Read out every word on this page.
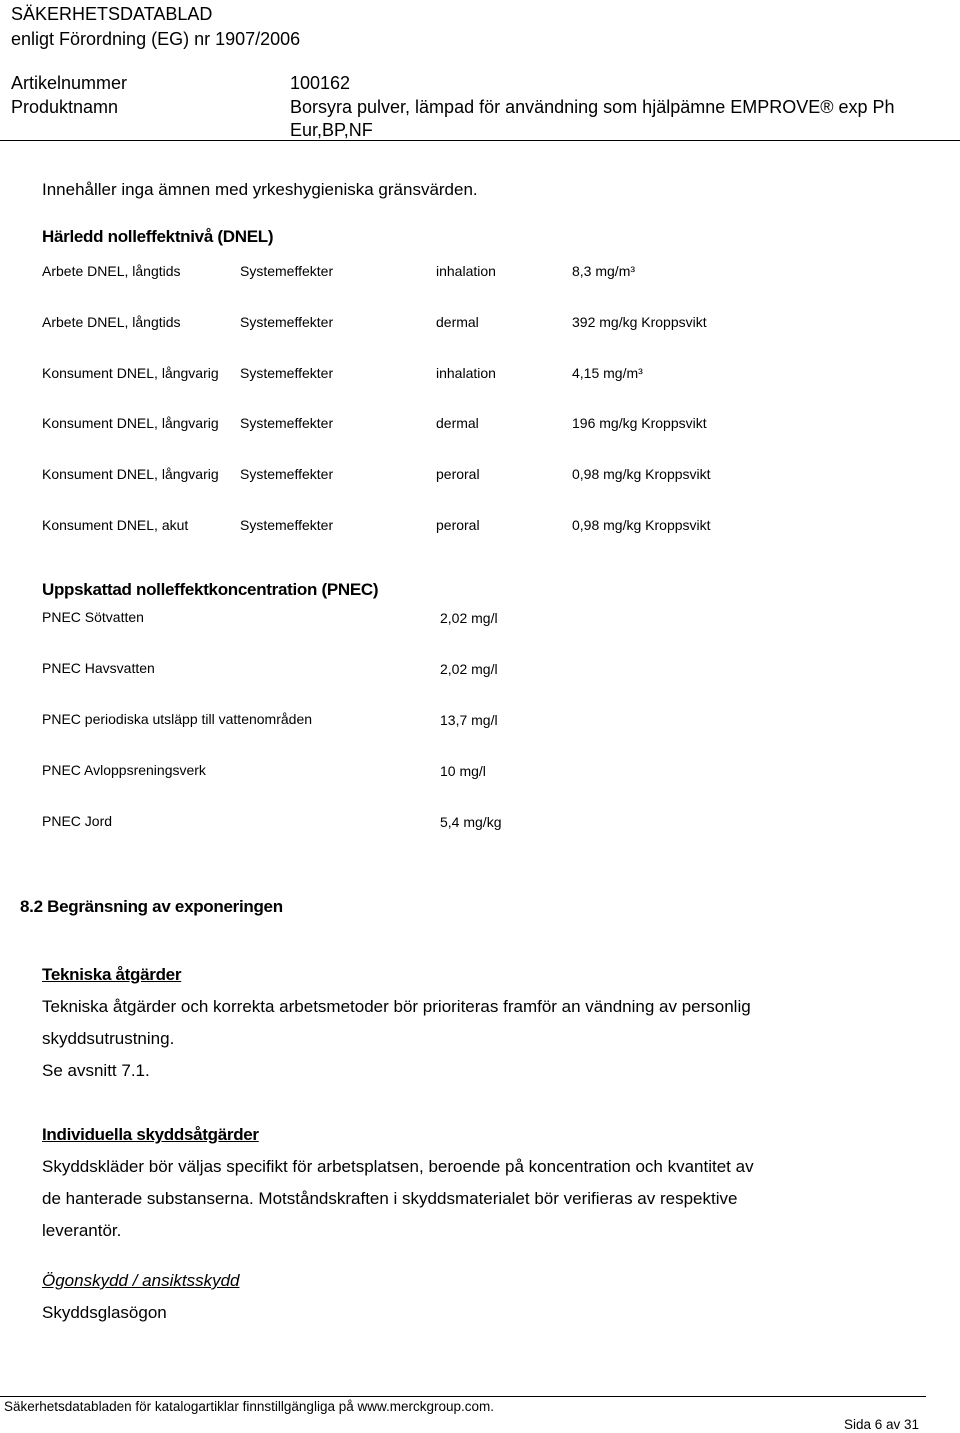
SÄKERHETSDATABLAD
enligt Förordning (EG) nr 1907/2006
Artikelnummer	100162
Produktnamn	Borsyra pulver, lämpad för användning som hjälpämne EMPROVE® exp Ph
Eur,BP,NF
Innehåller inga ämnen med yrkeshygieniska gränsvärden.
Härledd nolleffektnivå (DNEL)
Arbete DNEL, långtids	Systemeffekter	inhalation	8,3 mg/m³
Arbete DNEL, långtids	Systemeffekter	dermal	392 mg/kg Kroppsvikt
Konsument DNEL, långvarig Systemeffekter	inhalation	4,15 mg/m³
Konsument DNEL, långvarig Systemeffekter	dermal	196 mg/kg Kroppsvikt
Konsument DNEL, långvarig Systemeffekter	peroral	0,98 mg/kg Kroppsvikt
Konsument DNEL, akut	Systemeffekter	peroral	0,98 mg/kg Kroppsvikt
Uppskattad nolleffektkoncentration (PNEC)
PNEC Sötvatten	2,02 mg/l
PNEC Havsvatten	2,02 mg/l
PNEC periodiska utsläpp till vattenområden	13,7 mg/l
PNEC Avloppsreningsverk	10 mg/l
PNEC Jord	5,4 mg/kg
8.2 Begränsning av exponeringen
Tekniska åtgärder
Tekniska åtgärder och korrekta arbetsmetoder bör prioriteras framför an vändning av personlig
skyddsutrustning.
Se avsnitt 7.1.
Individuella skyddsåtgärder
Skyddskläder bör väljas specifikt för arbetsplatsen, beroende på koncentration och kvantitet av
de hanterade substanserna. Motståndskraften i skyddsmaterialet bör verifieras av respektive
leverantör.
Ögonskydd / ansiktsskydd
Skyddsglasögon
Säkerhetsdatabladen för katalogartiklar finnstillgängliga på www.merckgroup.com.
Sida 6 av 31
